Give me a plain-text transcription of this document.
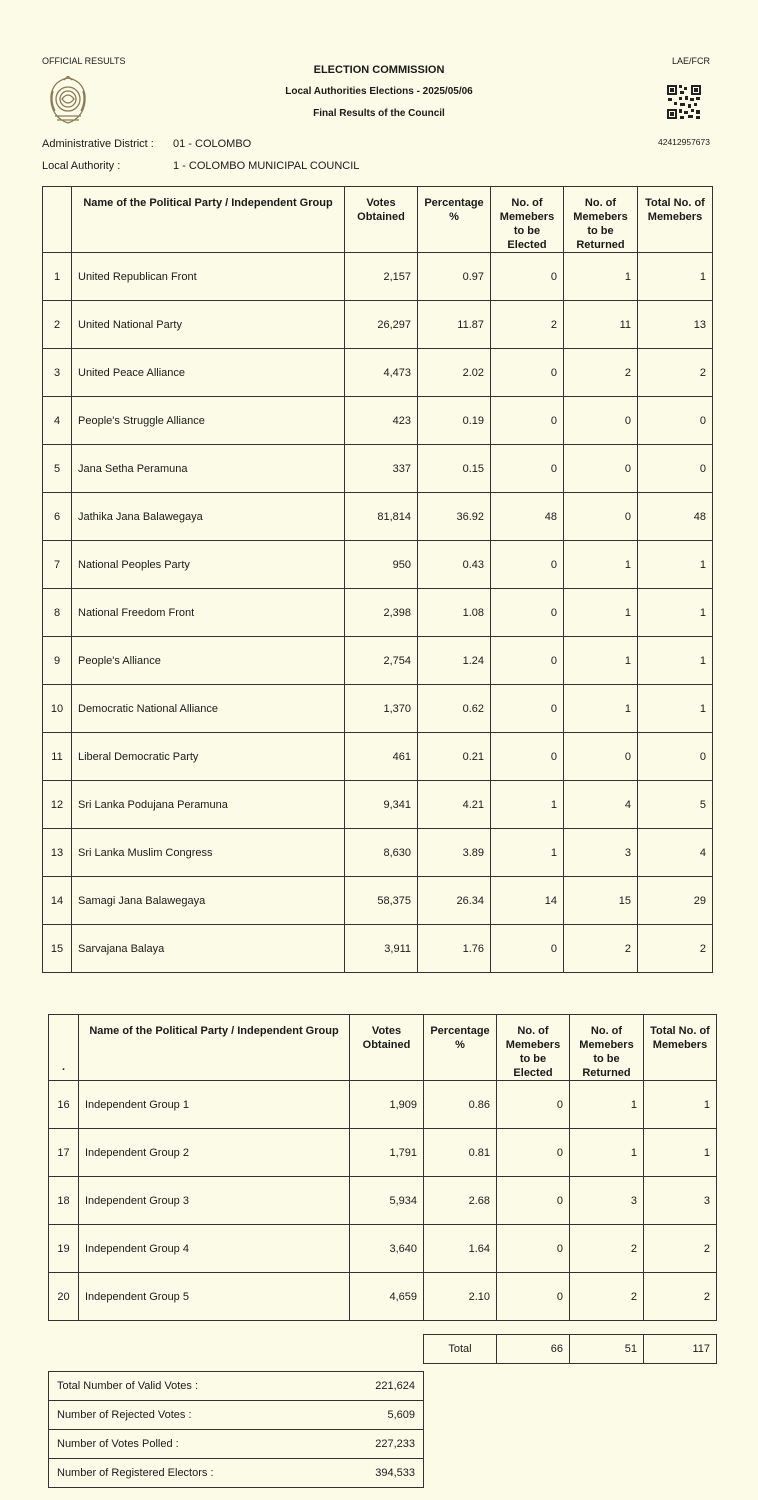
OFFICIAL RESULTS	LAE/FCR
ELECTION COMMISSION
Local Authorities Elections - 2025/05/06
Final Results of the Council
42412957673
Administrative District : 01 - COLOMBO
Local Authority :	1 - COLOMBO MUNICIPAL COUNCIL
	Name of the Political Party / Independent Group	Votes Obtained	Percentage %	No. of Memebers to be Elected	No. of Memebers to be Returned	Total No. of Memebers
1	United Republican Front	2,157	0.97	0	1	1
2	United National Party	26,297	11.87	2	11	13
3	United Peace Alliance	4,473	2.02	0	2	2
4	People's Struggle Alliance	423	0.19	0	0	0
5	Jana Setha Peramuna	337	0.15	0	0	0
6	Jathika Jana Balawegaya	81,814	36.92	48	0	48
7	National Peoples Party	950	0.43	0	1	1
8	National Freedom Front	2,398	1.08	0	1	1
9	People's Alliance	2,754	1.24	0	1	1
10	Democratic National Alliance	1,370	0.62	0	1	1
11	Liberal Democratic Party	461	0.21	0	0	0
12	Sri Lanka Podujana Peramuna	9,341	4.21	1	4	5
13	Sri Lanka Muslim Congress	8,630	3.89	1	3	4
14	Samagi Jana Balawegaya	58,375	26.34	14	15	29
15	Sarvajana Balaya	3,911	1.76	0	2	2
.	Name of the Political Party / Independent Group	Votes Obtained	Percentage %	No. of Memebers to be Elected	No. of Memebers to be Returned	Total No. of Memebers
16	Independent Group 1	1,909	0.86	0	1	1
17	Independent Group 2	1,791	0.81	0	1	1
18	Independent Group 3	5,934	2.68	0	3	3
19	Independent Group 4	3,640	1.64	0	2	2
20	Independent Group 5	4,659	2.10	0	2	2
Total	66	51	117
Total Number of Valid Votes :	221,624
Number of Rejected Votes :	5,609
Number of Votes Polled :	227,233
Number of Registered Electors :	394,533
